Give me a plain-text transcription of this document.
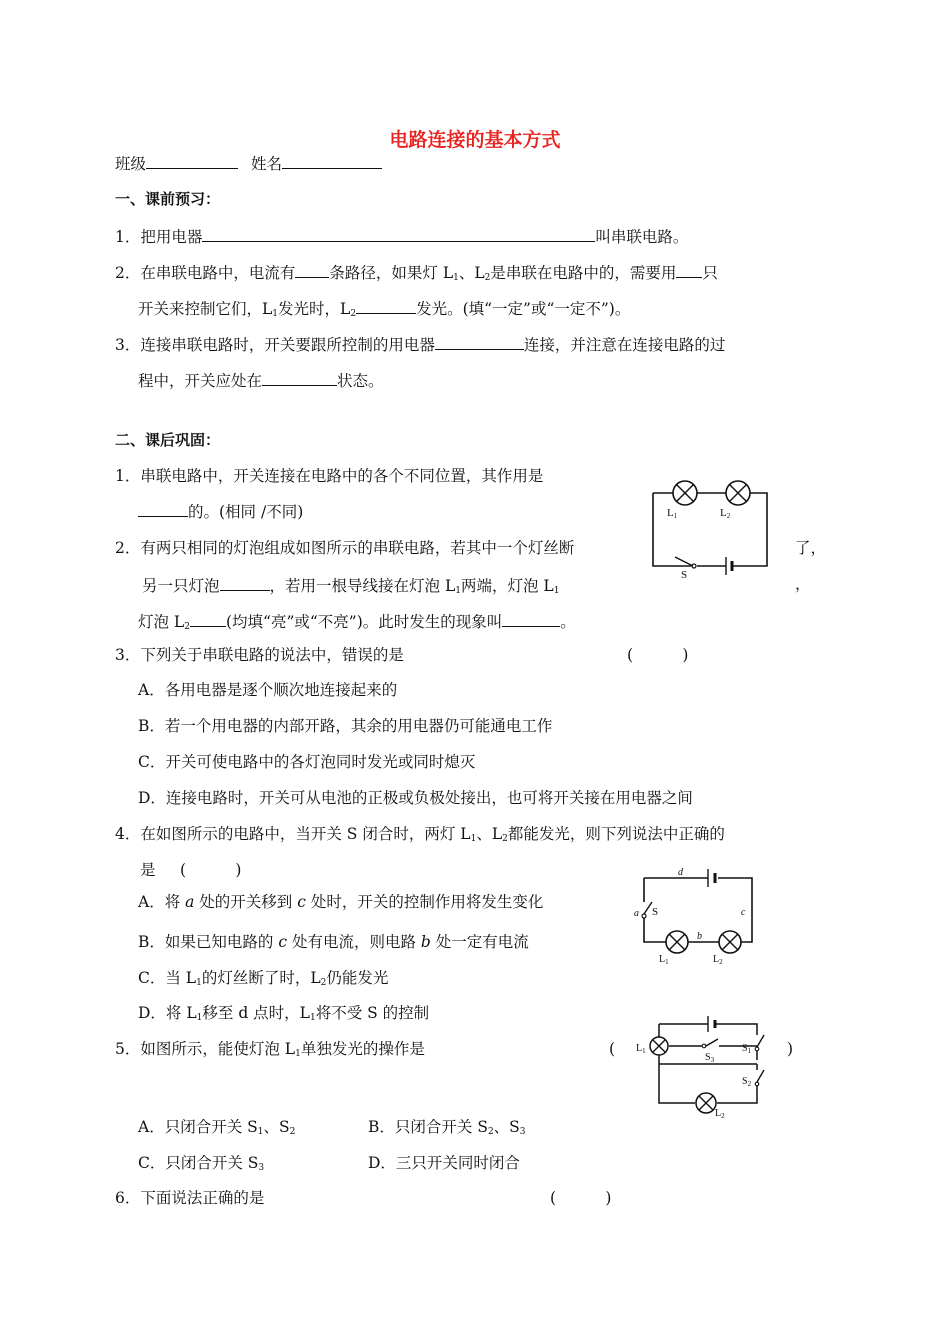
电路连接的基本方式
班级	姓名
一、课前预习：
1．把用电器	叫串联电路。
2．在串联电路中，电流有 条路径，如果灯 $L_1$、$L_2$是串联在电路中的，需要用 只
开关来控制它们，$L_1$发光时，$L_2$	发光。(填“一定”或“一定不”)。
3．连接串联电路时，开关要跟所控制的用电器	连接，并注意在连接电路的过
程中，开关应处在	状态。
二、课后巩固：
1．串联电路中，开关连接在电路中的各个不同位置，其作用是
的。(相同 /不同)	L1	L2
S
2．有两只相同的灯泡组成如图所示的串联电路，若其中一个灯丝断	了，
另一只灯泡	，若用一根导线接在灯泡 $L_1$两端，灯泡 $L_1$	，
灯泡 $L_2$ (均填“亮”或“不亮”)。此时发生的现象叫	。
3．下列关于串联电路的说法中，错误的是	(          )
A．各用电器是逐个顺次地连接起来的
B．若一个用电器的内部开路，其余的用电器仍可能通电工作
C．开关可使电路中的各灯泡同时发光或同时熄灭
D．连接电路时，开关可从电池的正极或负极处接出，也可将开关接在用电器之间
4．在如图所示的电路中，当开关 S 闭合时，两灯 $L_1$、$L_2$都能发光，则下列说法中正确的
是 (          )
A．将 a 处的开关移到 c 处时，开关的控制作用将发生变化
B．如果已知电路的 c 处有电流，则电路 b 处一定有电流
C．当 $L_1$的灯丝断了时，$L_2$仍能发光
D．将 $L_1$移至 d 点时，$L_1$将不受 S 的控制
d
a S	c
b
$L_1$	$L_2$
5．如图所示，能使灯泡 $L_1$单独发光的操作是	(	)
$L_1$	$S_1$
$S_3$
$S_2$
$L_2$
A．只闭合开关 $S_1$、$S_2$	B．只闭合开关 $S_2$、$S_3$
C．只闭合开关 $S_3$	D．三只开关同时闭合
6．下面说法正确的是	(          )
